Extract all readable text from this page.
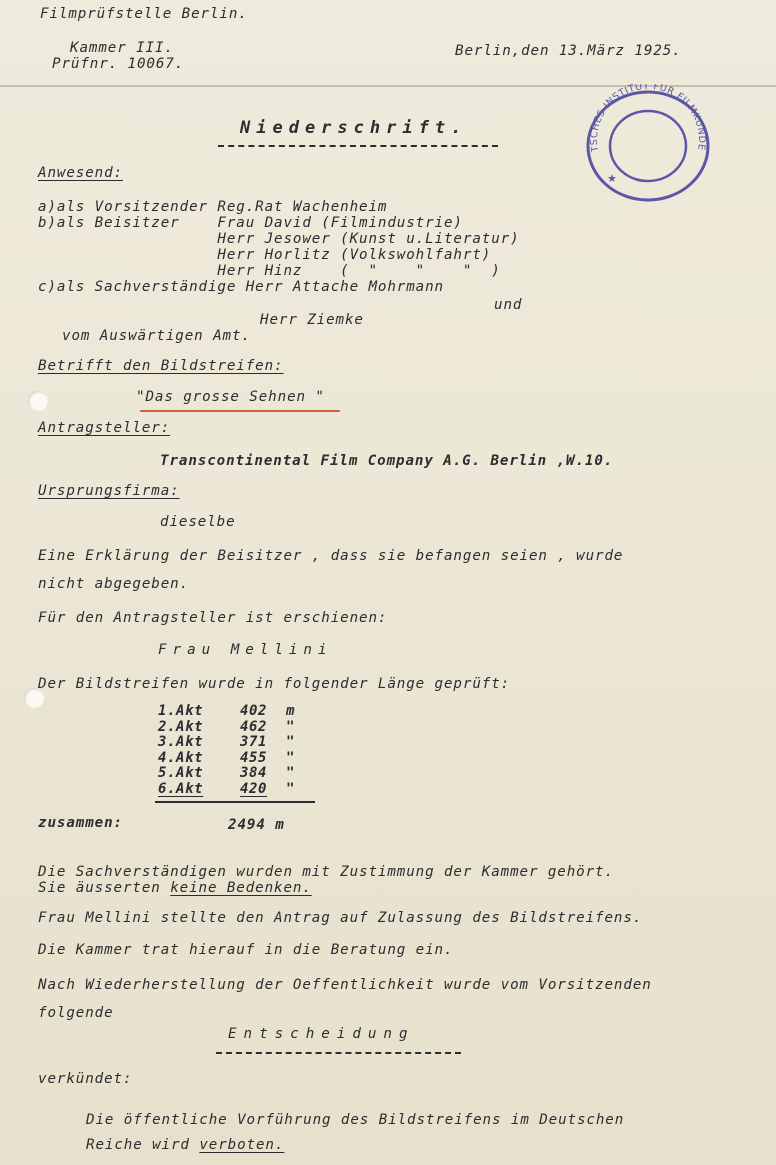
Filmprüfstelle Berlin.
Kammer III.
Prüfnr. 10067.
Berlin,den 13.März 1925.
TSCHES INSTITUT FÜR FILMKUNDE
★
Niederschrift.
Anwesend:
a)als Vorsitzender Reg.Rat Wachenheim
b)als Beisitzer    Frau David (Filmindustrie)
Herr Jesower (Kunst u.Literatur)
Herr Horlitz (Volkswohlfahrt)
Herr Hinz    (  "    "    "  )
c)als Sachverständige Herr Attache Mohrmann
und
Herr Ziemke
vom Auswärtigen Amt.
Betrifft den Bildstreifen:
"Das grosse Sehnen "
Antragsteller:
Transcontinental Film Company A.G. Berlin ,W.10.
Ursprungsfirma:
dieselbe
Eine Erklärung der Beisitzer , dass sie befangen seien , wurde
nicht abgegeben.
Für den Antragsteller ist erschienen:
Frau Mellini
Der Bildstreifen wurde in folgender Länge geprüft:
1.Akt	402	m
2.Akt	462	"
3.Akt	371	"
4.Akt	455	"
5.Akt	384	"
6.Akt	420	"
zusammen:	2494 m
Die Sachverständigen wurden mit Zustimmung der Kammer gehört.
Sie äusserten keine Bedenken.
Frau Mellini stellte den Antrag auf Zulassung des Bildstreifens.
Die Kammer trat hierauf in die Beratung ein.
Nach Wiederherstellung der Oeffentlichkeit wurde vom Vorsitzenden
folgende
Entscheidung
verkündet:
Die öffentliche Vorführung des Bildstreifens im Deutschen
Reiche wird verboten.
